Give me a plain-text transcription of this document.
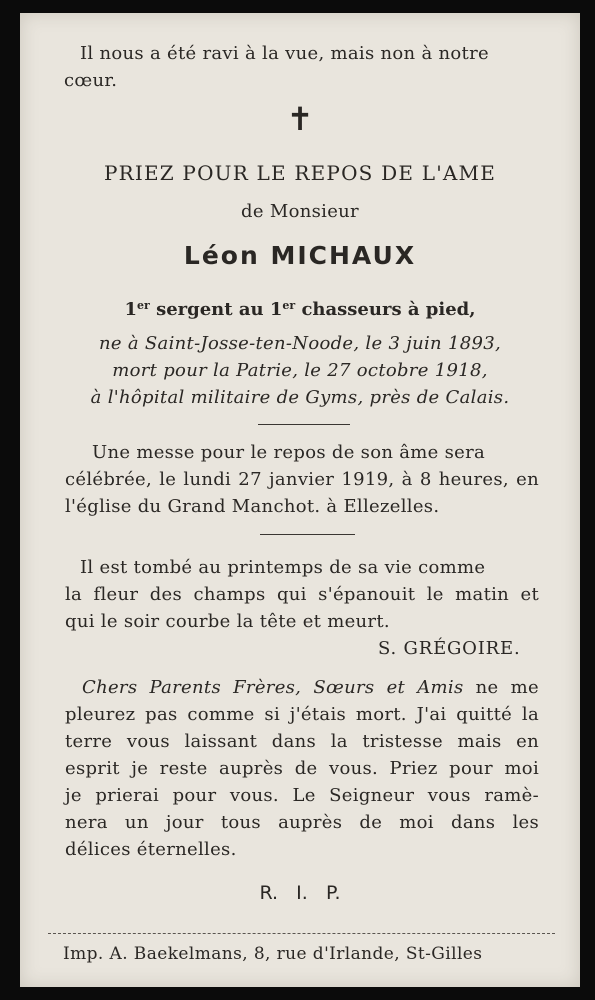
Il nous a été ravi à la vue, mais non à notre
cœur.
✝
PRIEZ POUR LE REPOS DE L'AME
de Monsieur
Léon MICHAUX
1er sergent au 1er chasseurs à pied,
ne à Saint-Josse-ten-Noode, le 3 juin 1893,
mort pour la Patrie, le 27 octobre 1918,
à l'hôpital militaire de Gyms, près de Calais.
Une messe pour le repos de son âme sera
célébrée, le lundi 27 janvier 1919, à 8 heures, en
l'église du Grand Manchot. à Ellezelles.
Il est tombé au printemps de sa vie comme
la fleur des champs qui s'épanouit le matin et
qui le soir courbe la tête et meurt.
S. GRÉGOIRE.
Chers Parents Frères, Sœurs et Amis ne me
pleurez pas comme si j'étais mort. J'ai quitté la
terre vous laissant dans la tristesse mais en
esprit je reste auprès de vous. Priez pour moi
je prierai pour vous. Le Seigneur vous ramè-
nera un jour tous auprès de moi dans les
délices éternelles.
R.   I.   P.
Imp. A. Baekelmans, 8, rue d'Irlande, St-Gilles
